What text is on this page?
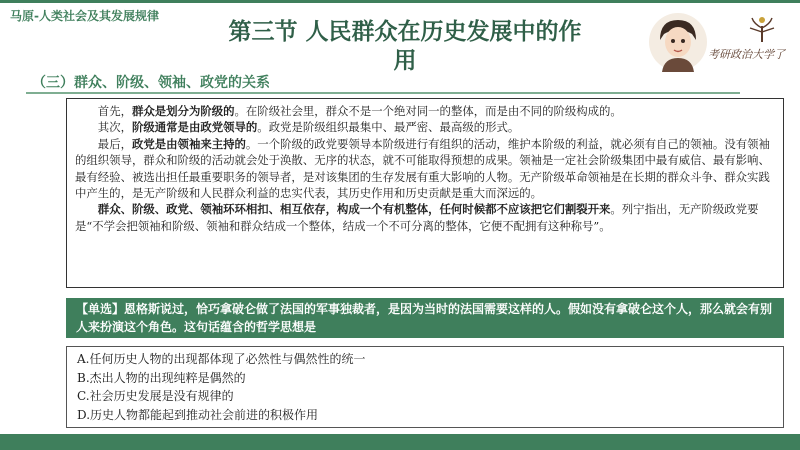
马原-人类社会及其发展规律
第三节 人民群众在历史发展中的作
用	考研政治大学了
（三）群众、阶级、领袖、政党的关系

　　首先，群众是划分为阶级的。在阶级社会里，群众不是一个绝对同一的整体，而是由不同的阶级构成的。

　　其次，阶级通常是由政党领导的。政党是阶级组织最集中、最严密、最高级的形式。

　　最后，政党是由领袖来主持的。一个阶级的政党要领导本阶级进行有组织的活动，维护本阶级的利益，就必须有自己的领袖。没有领袖的组织领导，群众和阶级的活动就会处于涣散、无序的状态，就不可能取得预想的成果。领袖是一定社会阶级集团中最有威信、最有影响、最有经验、被选出担任最重要职务的领导者，是对该集团的生存发展有重大影响的人物。无产阶级革命领袖是在长期的群众斗争、群众实践中产生的，是无产阶级和人民群众利益的忠实代表，其历史作用和历史贡献是重大而深远的。

　　群众、阶级、政党、领袖环环相扣、相互依存，构成一个有机整体，任何时候都不应该把它们割裂开来。列宁指出，无产阶级政党要是“不学会把领袖和阶级、领袖和群众结成一个整体，结成一个不可分离的整体，它便不配拥有这种称号”。

【单选】恩格斯说过，恰巧拿破仑做了法国的军事独裁者，是因为当时的法国需要这样的人。假如没有拿破仑这个人，那么就会有别人来扮演这个角色。这句话蕴含的哲学思想是
A.任何历史人物的出现都体现了必然性与偶然性的统一
B.杰出人物的出现纯粹是偶然的
C.社会历史发展是没有规律的
D.历史人物都能起到推动社会前进的积极作用
